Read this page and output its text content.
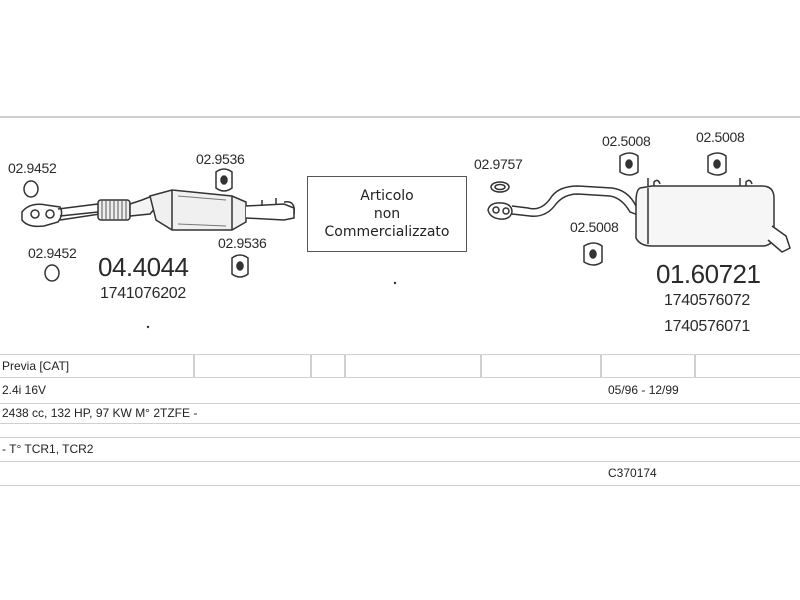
02.9452
02.9452
02.9536
02.9536
04.4044
1741076202
Articolo
non
Commercializzato
02.9757
02.5008	02.5008
02.5008
01.60721
1740576072
1740576071
Previa [CAT]
2.4i 16V	05/96 - 12/99
2438 cc, 132 HP, 97 KW M° 2TZFE -
- T° TCR1, TCR2
C370174
